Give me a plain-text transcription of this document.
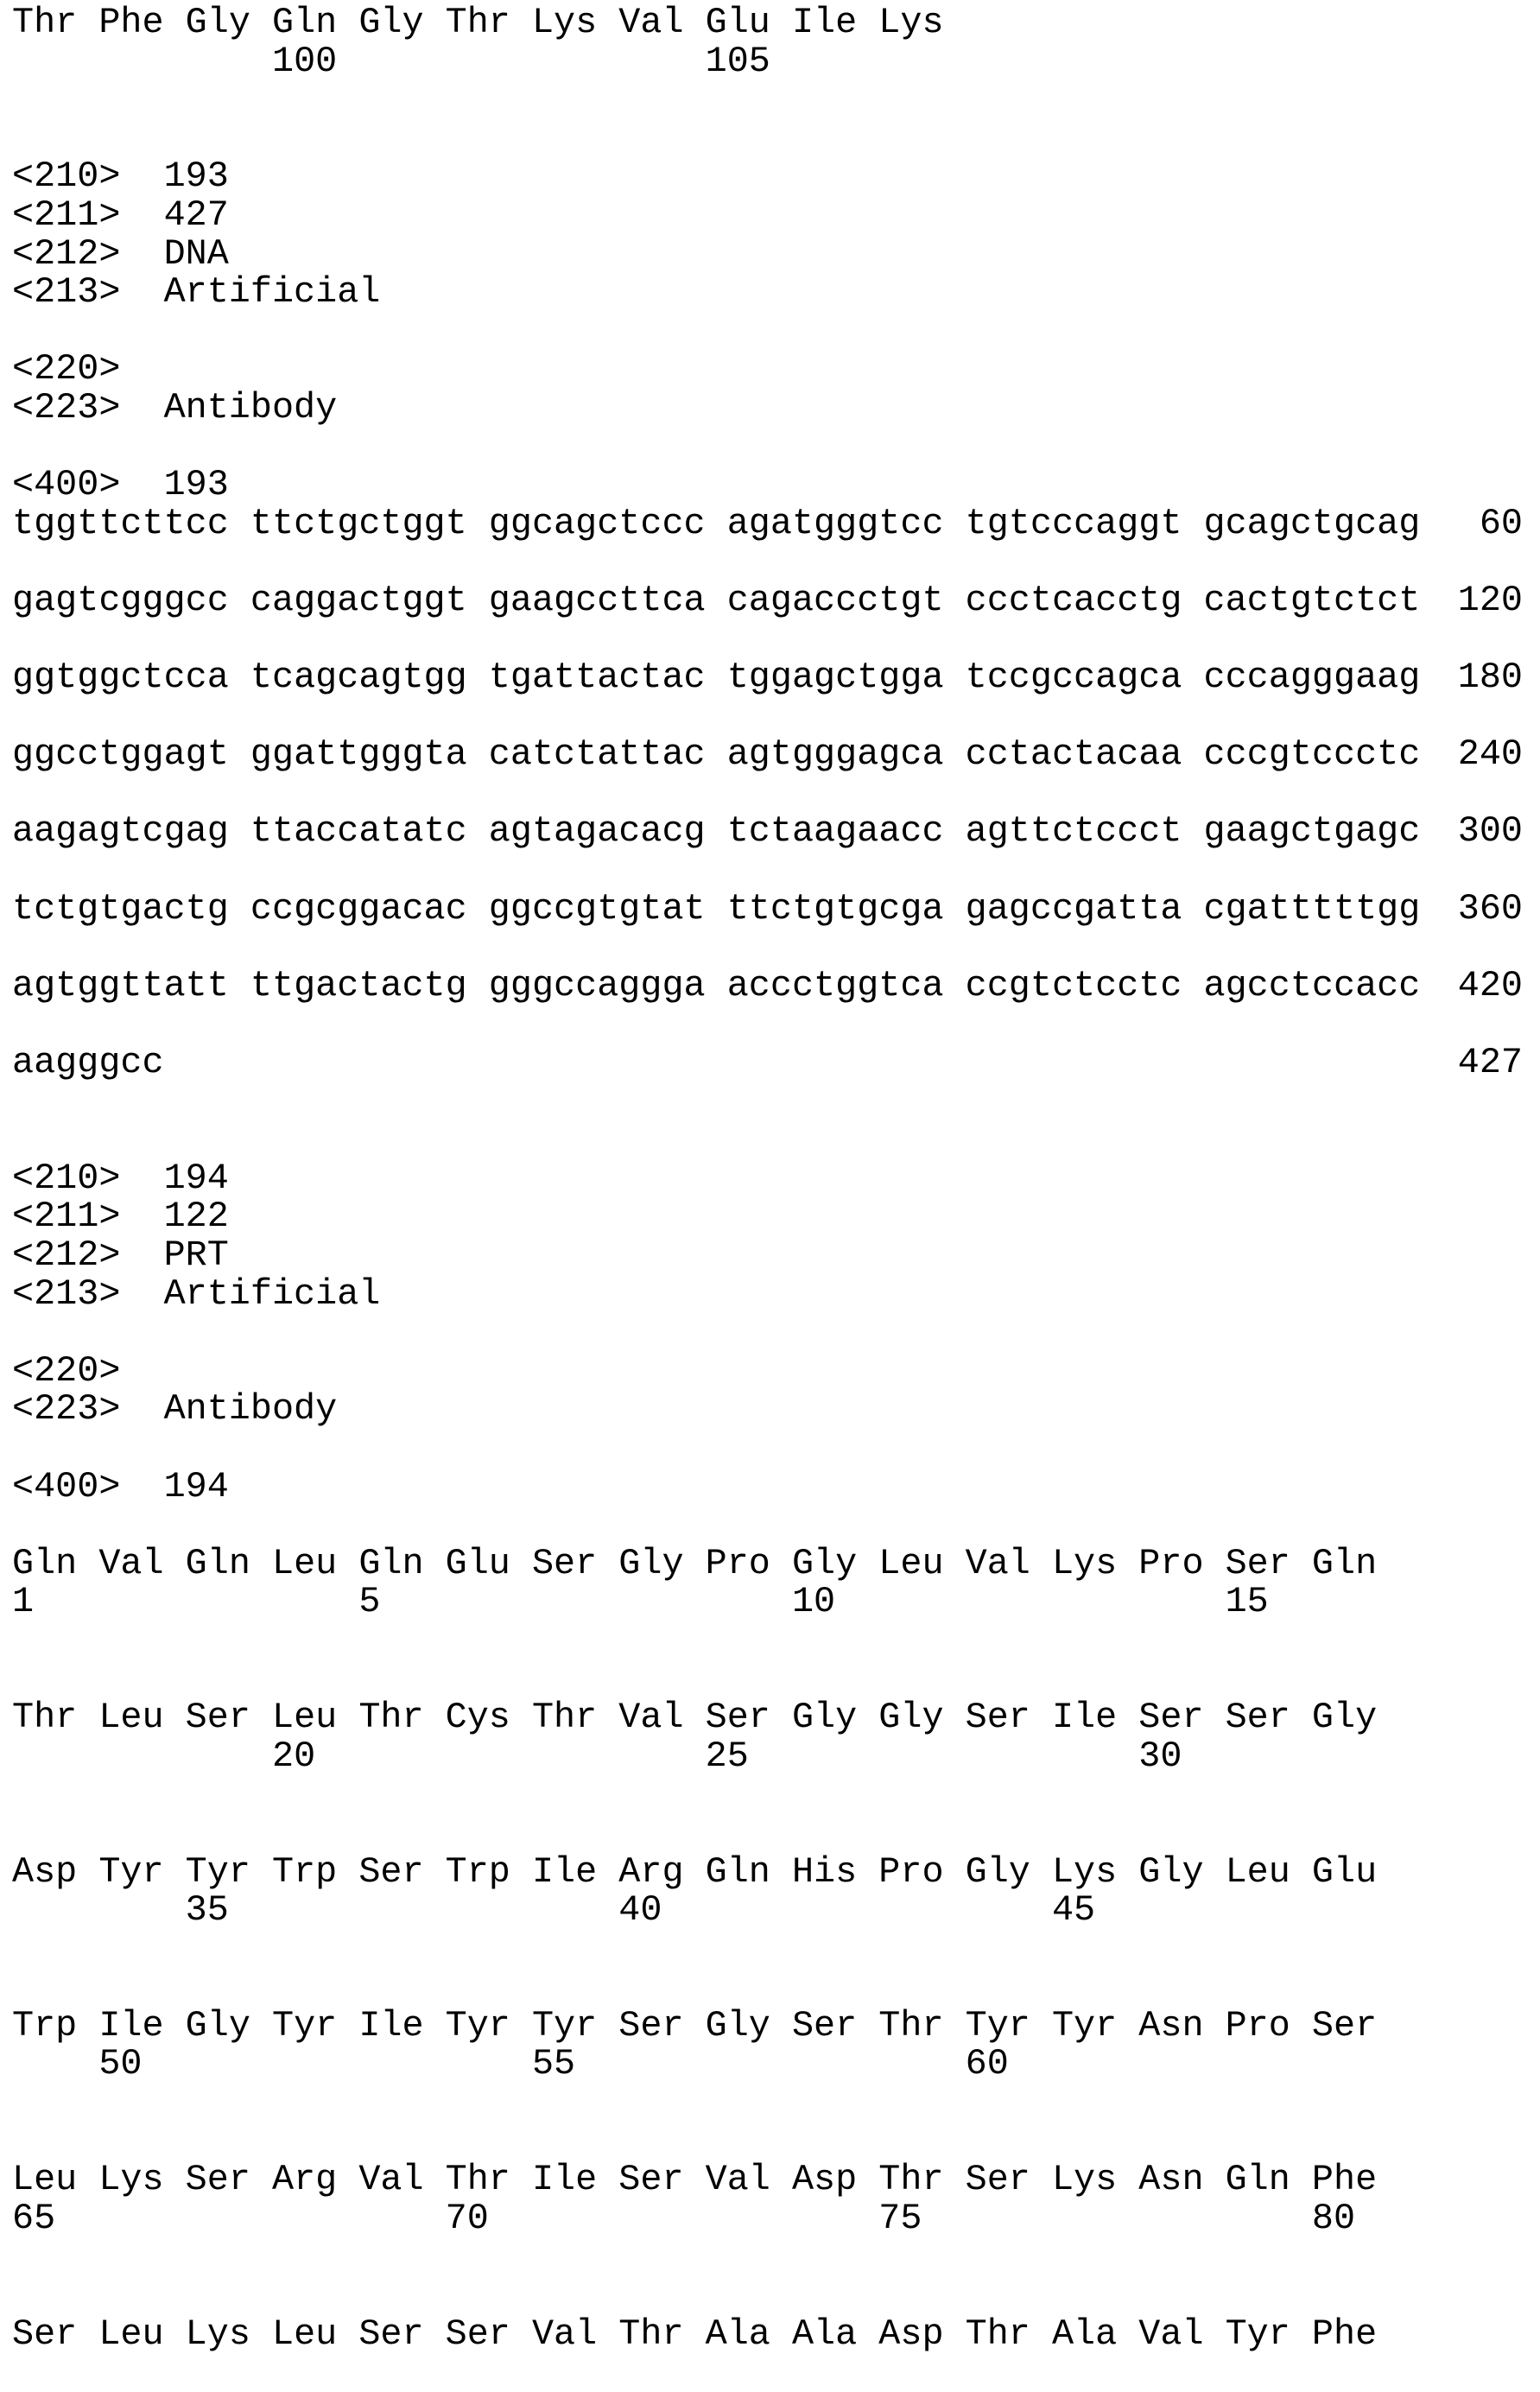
Thr Phe Gly Gln Gly Thr Lys Val Glu Ile Lys
100	105
<210> 193
<211> 427
<212> DNA
<213> Artificial
<220>
<223> Antibody
<400> 193
tggttcttcc ttctgctggt ggcagctccc agatgggtcc tgtcccaggt gcagctgcag 60
gagtcgggcc caggactggt gaagccttca cagaccctgt ccctcacctg cactgtctct 120
ggtggctcca tcagcagtgg tgattactac tggagctgga tccgccagca cccagggaag 180
ggcctggagt ggattgggta catctattac agtgggagca cctactacaa cccgtccctc 240
aagagtcgag ttaccatatc agtagacacg tctaagaacc agttctccct gaagctgagc 300
tctgtgactg ccgcggacac ggccgtgtat ttctgtgcga gagccgatta cgatttttgg 360
agtggttatt ttgactactg gggccaggga accctggtca ccgtctcctc agcctccacc 420
aagggcc	427
<210> 194
<211> 122
<212> PRT
<213> Artificial
<220>
<223> Antibody
<400> 194
Gln Val Gln Leu Gln Glu Ser Gly Pro Gly Leu Val Lys Pro Ser Gln
1	5	10	15
Thr Leu Ser Leu Thr Cys Thr Val Ser Gly Gly Ser Ile Ser Ser Gly
20	25	30
Asp Tyr Tyr Trp Ser Trp Ile Arg Gln His Pro Gly Lys Gly Leu Glu
35	40	45
Trp Ile Gly Tyr Ile Tyr Tyr Ser Gly Ser Thr Tyr Tyr Asn Pro Ser
50	55	60
Leu Lys Ser Arg Val Thr Ile Ser Val Asp Thr Ser Lys Asn Gln Phe
65	70	75	80
Ser Leu Lys Leu Ser Ser Val Thr Ala Ala Asp Thr Ala Val Tyr Phe
